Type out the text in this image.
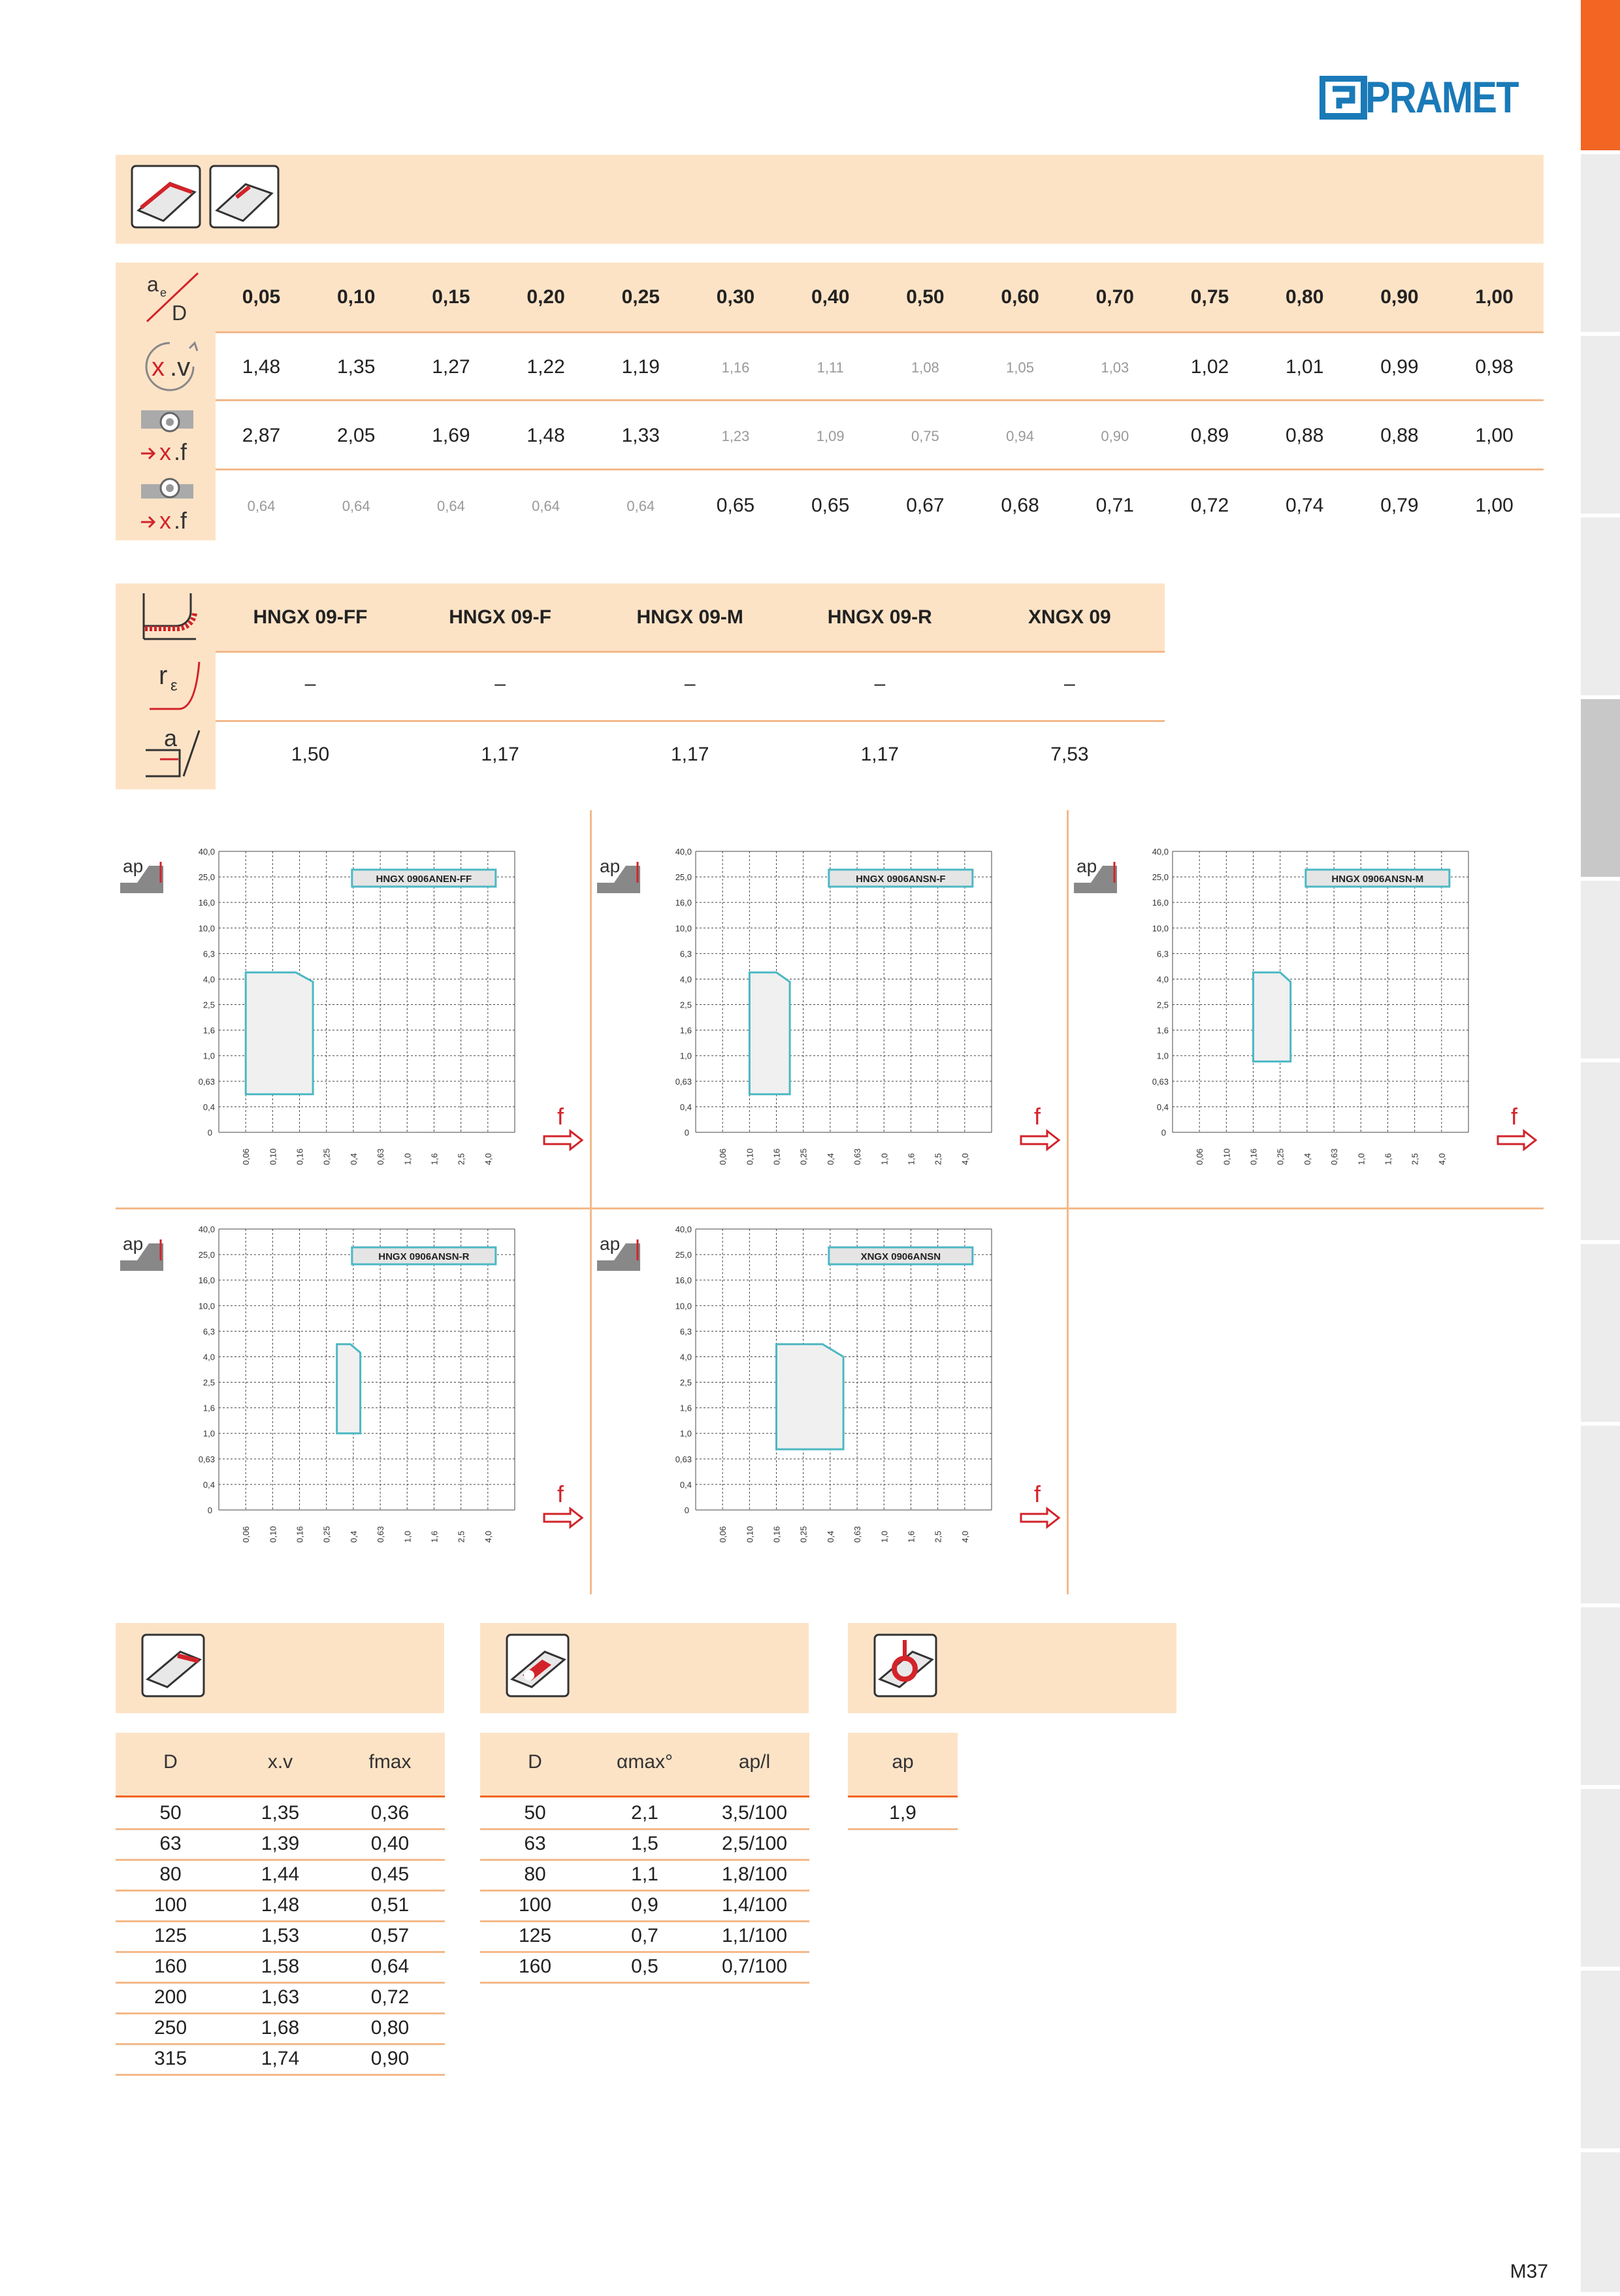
PRAMET
a e
D
0,05	0,10	0,15	0,20	0,25	0,30	0,40	0,50	0,60	0,70	0,75	0,80	0,90	1,00
1,48	1,35	1,27	1,22	1,19	1,16	1,11	1,08	1,05	1,03	1,02	1,01	0,99	0,98
2,87	2,05	1,69	1,48	1,33	1,23	1,09	0,75	0,94	0,90	0,89	0,88	0,88	1,00
0,64	0,64	0,64	0,64	0,64	0,65	0,65	0,67	0,68	0,71	0,72	0,74	0,79	1,00
x .v
x .f
x .f
r ε
a
HNGX 09-FF	HNGX 09-F	HNGX 09-M	HNGX 09-R	XNGX 09
–	–	–	–	–
1,50	1,17	1,17	1,17	7,53
40,0
25,0
16,0
10,0
6,3
4,0
2,5
1,6
1,0
0,63
0,4
0
0,06 0,10 0,16 0,25 0,4 0,63 1,0 1,6 2,5 4,0
HNGX 0906ANEN-FF
ap
f
40,0
25,0
16,0
10,0
6,3
4,0
2,5
1,6
1,0
0,63
0,4
0
0,06 0,10 0,16 0,25 0,4 0,63 1,0 1,6 2,5 4,0
HNGX 0906ANSN-F
ap
f
40,0
25,0
16,0
10,0
6,3
4,0
2,5
1,6
1,0
0,63
0,4
0
0,06 0,10 0,16 0,25 0,4 0,63 1,0 1,6 2,5 4,0
HNGX 0906ANSN-M
ap
f
40,0
25,0
16,0
10,0
6,3
4,0
2,5
1,6
1,0
0,63
0,4
0
0,06 0,10 0,16 0,25 0,4 0,63 1,0 1,6 2,5 4,0
HNGX 0906ANSN-R
ap
f
40,0
25,0
16,0
10,0
6,3
4,0
2,5
1,6
1,0
0,63
0,4
0
0,06 0,10 0,16 0,25 0,4 0,63 1,0 1,6 2,5 4,0
XNGX 0906ANSN
ap
f
D	x.v	fmax
50	1,35	0,36
63	1,39	0,40
80	1,44	0,45
100	1,48	0,51
125	1,53	0,57
160	1,58	0,64
200	1,63	0,72
250	1,68	0,80
315	1,74	0,90
D	αmax°	ap/l
50	2,1	3,5/100
63	1,5	2,5/100
80	1,1	1,8/100
100	0,9	1,4/100
125	0,7	1,1/100
160	0,5	0,7/100
ap
1,9
M37
